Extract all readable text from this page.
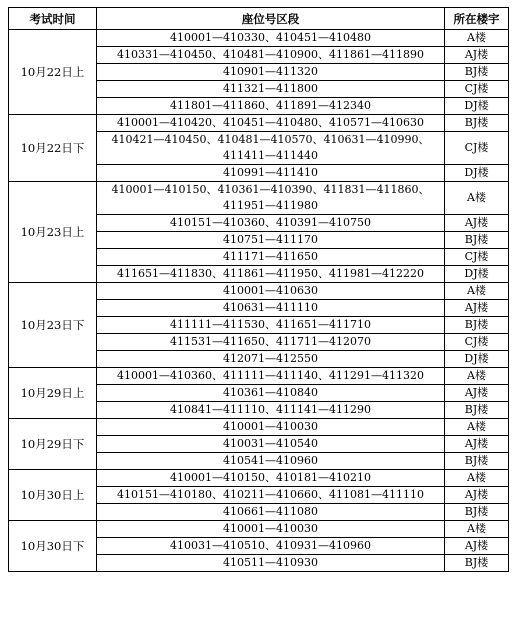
考试时间	座位号区段	所在楼宇
10月22日上	410001—410330、410451—410480	A楼
	410331—410450、410481—410900、411861—411890	AJ楼
	410901—411320	BJ楼
	411321—411800	CJ楼
	411801—411860、411891—412340	DJ楼
10月22日下	410001—410420、410451—410480、410571—410630	BJ楼
	410421—410450、410481—410570、410631—410990、411411—411440	CJ楼
	410991—411410	DJ楼
10月23日上	410001—410150、410361—410390、411831—411860、411951—411980	A楼
	410151—410360、410391—410750	AJ楼
	410751—411170	BJ楼
	411171—411650	CJ楼
	411651—411830、411861—411950、411981—412220	DJ楼
10月23日下	410001—410630	A楼
	410631—411110	AJ楼
	411111—411530、411651—411710	BJ楼
	411531—411650、411711—412070	CJ楼
	412071—412550	DJ楼
10月29日上	410001—410360、411111—411140、411291—411320	A楼
	410361—410840	AJ楼
	410841—411110、411141—411290	BJ楼
10月29日下	410001—410030	A楼
	410031—410540	AJ楼
	410541—410960	BJ楼
10月30日上	410001—410150、410181—410210	A楼
	410151—410180、410211—410660、411081—411110	AJ楼
	410661—411080	BJ楼
10月30日下	410001—410030	A楼
	410031—410510、410931—410960	AJ楼
	410511—410930	BJ楼
